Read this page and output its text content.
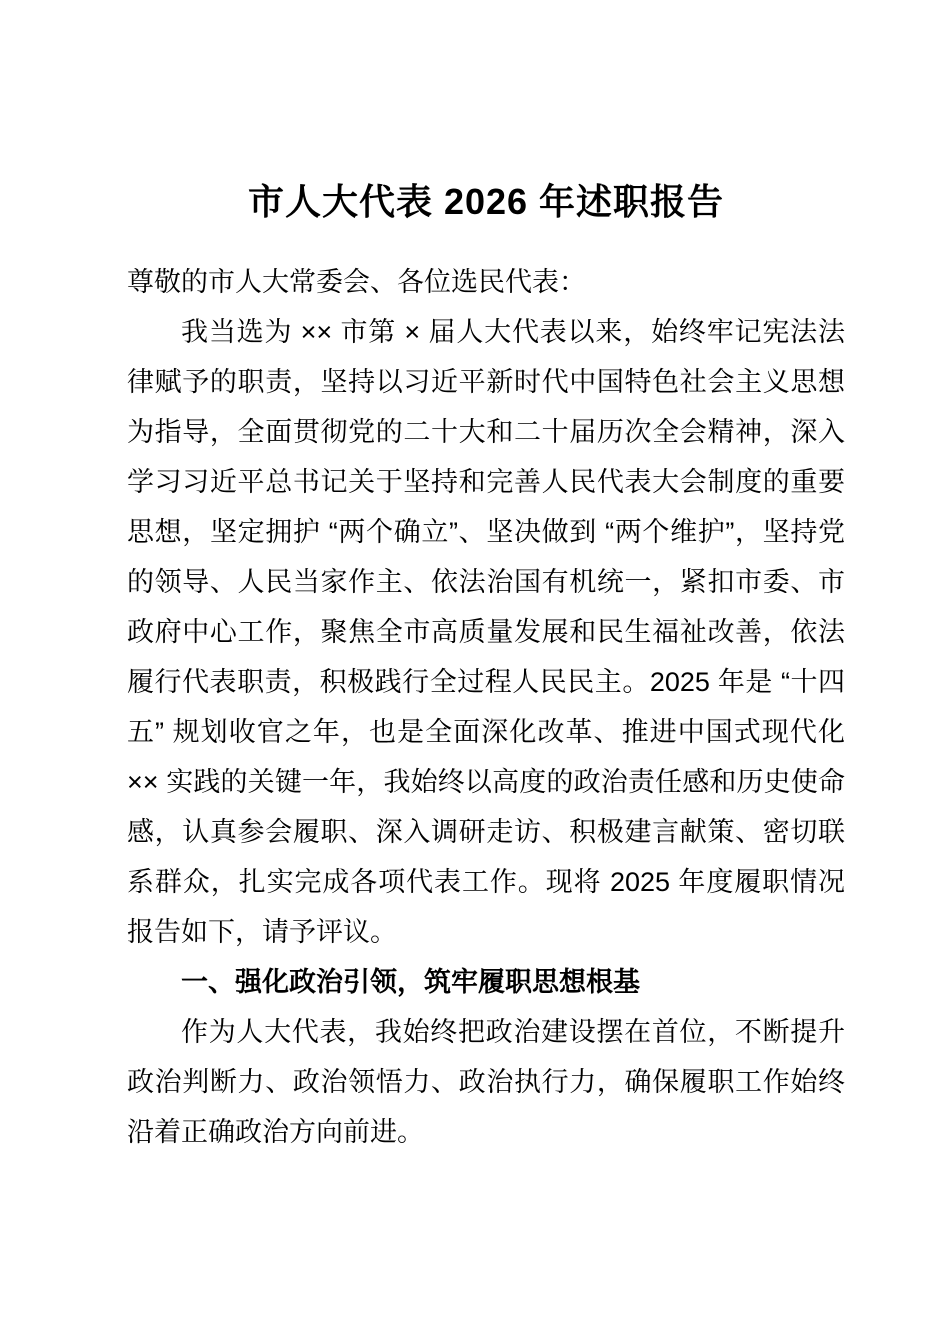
市人大代表 2026 年述职报告

尊敬的市人大常委会、各位选民代表：

我当选为 ×× 市第 × 届人大代表以来，始终牢记宪法法律赋予的职责，坚持以习近平新时代中国特色社会主义思想为指导，全面贯彻党的二十大和二十届历次全会精神，深入学习习近平总书记关于坚持和完善人民代表大会制度的重要思想，坚定拥护 “两个确立”、坚决做到 “两个维护”，坚持党的领导、人民当家作主、依法治国有机统一，紧扣市委、市政府中心工作，聚焦全市高质量发展和民生福祉改善，依法履行代表职责，积极践行全过程人民民主。2025 年是 “十四五” 规划收官之年，也是全面深化改革、推进中国式现代化 ×× 实践的关键一年，我始终以高度的政治责任感和历史使命感，认真参会履职、深入调研走访、积极建言献策、密切联系群众，扎实完成各项代表工作。现将 2025 年度履职情况报告如下，请予评议。

一、强化政治引领，筑牢履职思想根基

作为人大代表，我始终把政治建设摆在首位，不断提升政治判断力、政治领悟力、政治执行力，确保履职工作始终沿着正确政治方向前进。
